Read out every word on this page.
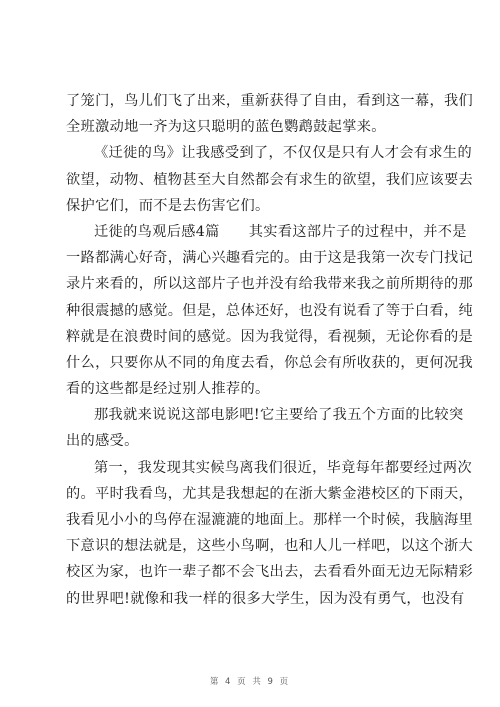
了笼门，鸟儿们飞了出来，重新获得了自由，看到这一幕，我们
全班激动地一齐为这只聪明的蓝色鹦鹉鼓起掌来。
《迁徙的鸟》让我感受到了，不仅仅是只有人才会有求生的
欲望，动物、植物甚至大自然都会有求生的欲望，我们应该要去
保护它们，而不是去伤害它们。
迁徙的鸟观后感4篇　　其实看这部片子的过程中，并不是
一路都满心好奇，满心兴趣看完的。由于这是我第一次专门找记
录片来看的，所以这部片子也并没有给我带来我之前所期待的那
种很震撼的感觉。但是，总体还好，也没有说看了等于白看，纯
粹就是在浪费时间的感觉。因为我觉得，看视频，无论你看的是
什么，只要你从不同的角度去看，你总会有所收获的，更何况我
看的这些都是经过别人推荐的。
那我就来说说这部电影吧!它主要给了我五个方面的比较突
出的感受。
第一，我发现其实候鸟离我们很近，毕竟每年都要经过两次
的。平时我看鸟，尤其是我想起的在浙大紫金港校区的下雨天，
我看见小小的鸟停在湿漉漉的地面上。那样一个时候，我脑海里
下意识的想法就是，这些小鸟啊，也和人儿一样吧，以这个浙大
校区为家，也许一辈子都不会飞出去，去看看外面无边无际精彩
的世界吧!就像和我一样的很多大学生，因为没有勇气，也没有
第 4 页 共 9 页
